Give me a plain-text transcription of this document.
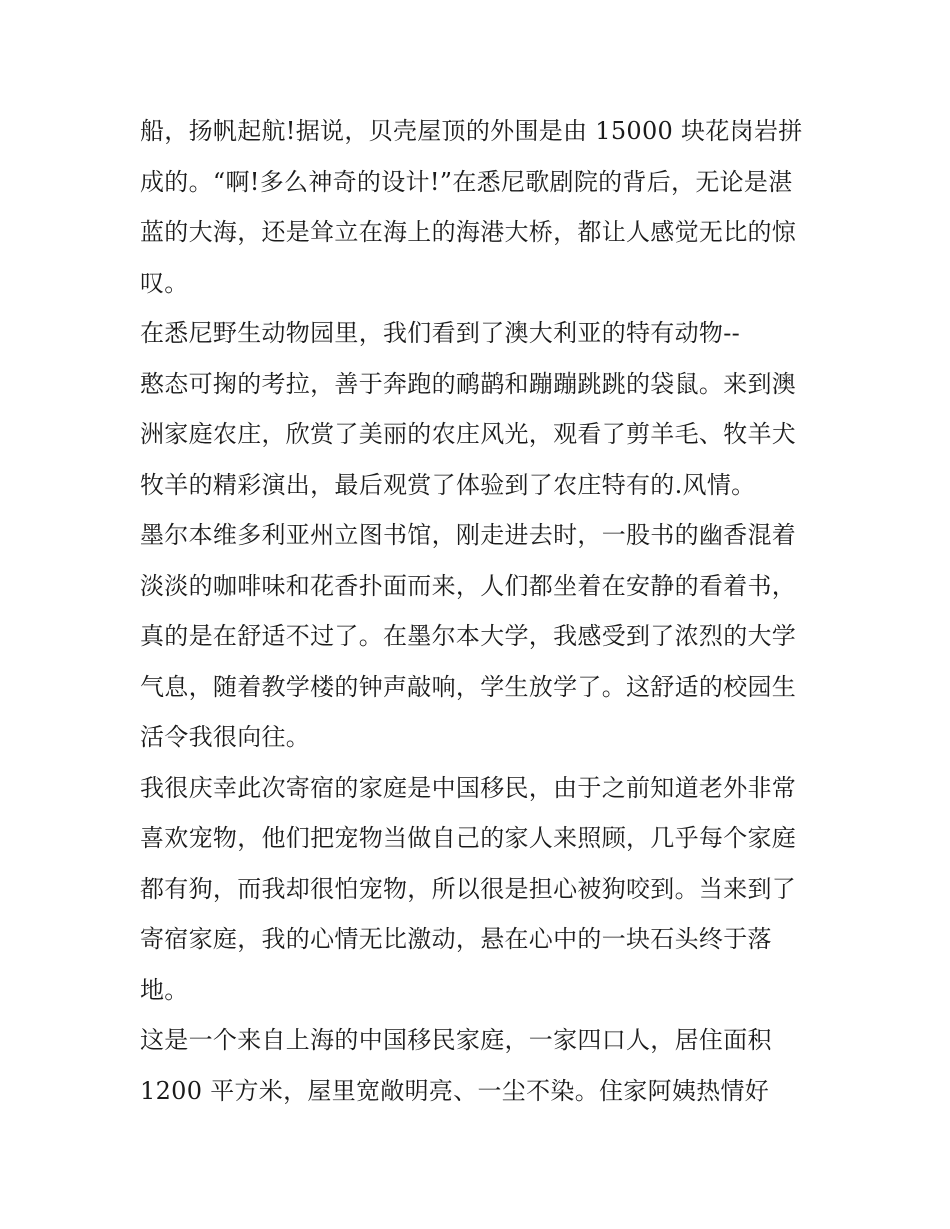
船，扬帆起航!据说，贝壳屋顶的外围是由 15000 块花岗岩拼
成的。“啊!多么神奇的设计!”在悉尼歌剧院的背后，无论是湛
蓝的大海，还是耸立在海上的海港大桥，都让人感觉无比的惊
叹。
在悉尼野生动物园里，我们看到了澳大利亚的特有动物--
憨态可掬的考拉，善于奔跑的鸸鹋和蹦蹦跳跳的袋鼠。来到澳
洲家庭农庄，欣赏了美丽的农庄风光，观看了剪羊毛、牧羊犬
牧羊的精彩演出，最后观赏了体验到了农庄特有的.风情。
墨尔本维多利亚州立图书馆，刚走进去时，一股书的幽香混着
淡淡的咖啡味和花香扑面而来，人们都坐着在安静的看着书，
真的是在舒适不过了。在墨尔本大学，我感受到了浓烈的大学
气息，随着教学楼的钟声敲响，学生放学了。这舒适的校园生
活令我很向往。
我很庆幸此次寄宿的家庭是中国移民，由于之前知道老外非常
喜欢宠物，他们把宠物当做自己的家人来照顾，几乎每个家庭
都有狗，而我却很怕宠物，所以很是担心被狗咬到。当来到了
寄宿家庭，我的心情无比激动，悬在心中的一块石头终于落
地。
这是一个来自上海的中国移民家庭，一家四口人，居住面积
1200 平方米，屋里宽敞明亮、一尘不染。住家阿姨热情好
